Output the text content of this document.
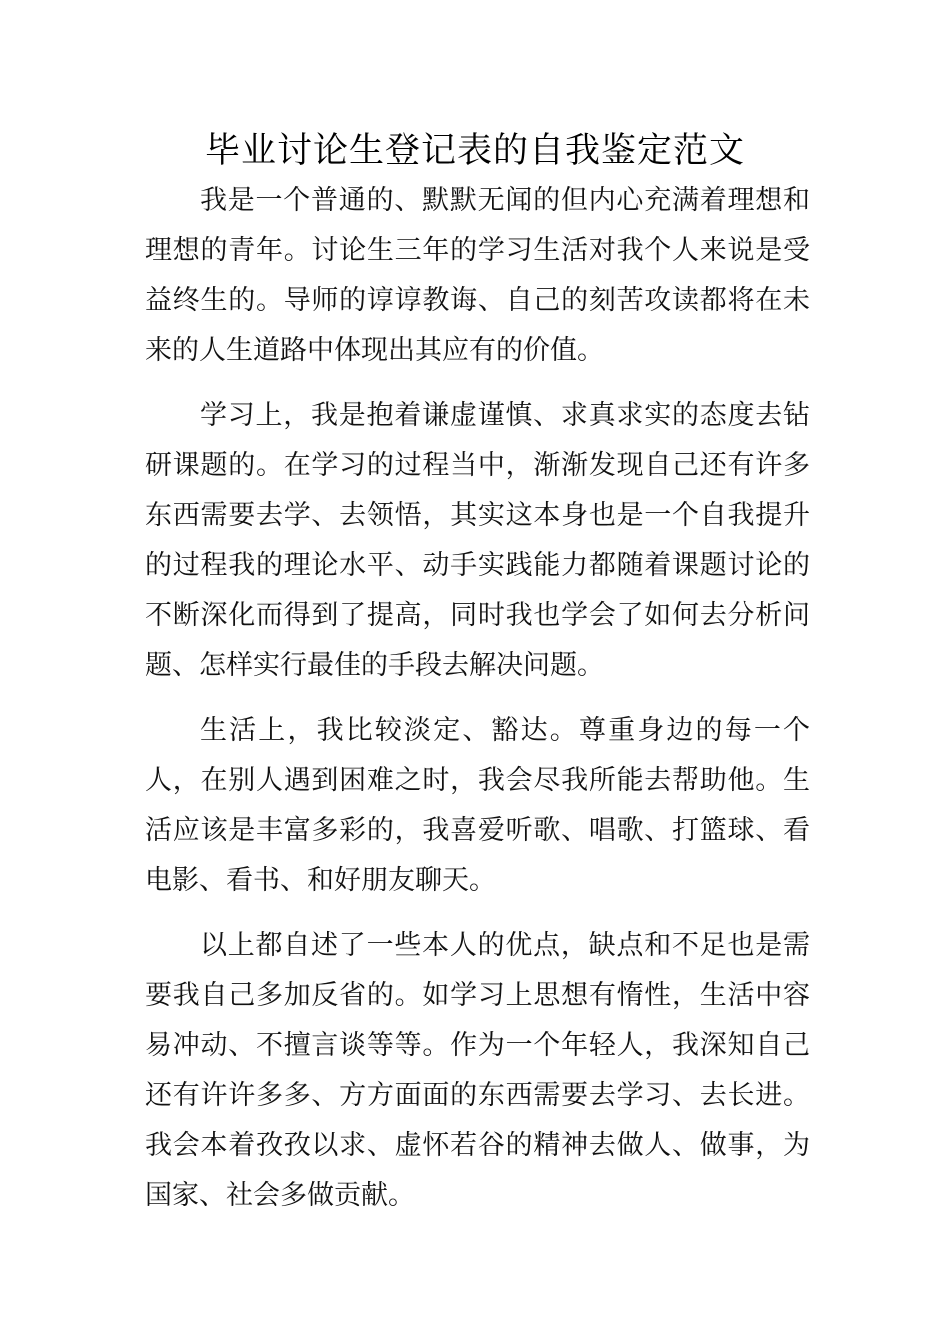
毕业讨论生登记表的自我鉴定范文

我是一个普通的、默默无闻的但内心充满着理想和理想的青年。讨论生三年的学习生活对我个人来说是受益终生的。导师的谆谆教诲、自己的刻苦攻读都将在未来的人生道路中体现出其应有的价值。

学习上，我是抱着谦虚谨慎、求真求实的态度去钻研课题的。在学习的过程当中，渐渐发现自己还有许多东西需要去学、去领悟，其实这本身也是一个自我提升的过程我的理论水平、动手实践能力都随着课题讨论的不断深化而得到了提高，同时我也学会了如何去分析问题、怎样实行最佳的手段去解决问题。

生活上，我比较淡定、豁达。尊重身边的每一个人，在别人遇到困难之时，我会尽我所能去帮助他。生活应该是丰富多彩的，我喜爱听歌、唱歌、打篮球、看电影、看书、和好朋友聊天。

以上都自述了一些本人的优点，缺点和不足也是需要我自己多加反省的。如学习上思想有惰性，生活中容易冲动、不擅言谈等等。作为一个年轻人，我深知自己还有许许多多、方方面面的东西需要去学习、去长进。我会本着孜孜以求、虚怀若谷的精神去做人、做事，为国家、社会多做贡献。
